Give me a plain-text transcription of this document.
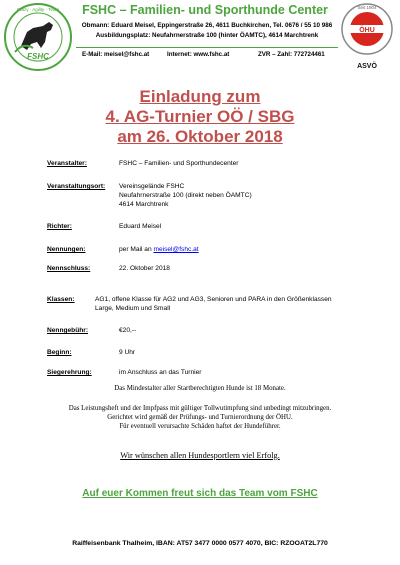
FSHC
Crazy · Agility · Team FSHC – Familien- und Sporthunde Center
Obmann: Eduard Meisel, Eppingerstraße 26, 4611 Buchkirchen, Tel. 0676 / 55 10 986
Ausbildungsplatz: Neufahrnerstraße 100 (hinter ÖAMTC), 4614 Marchtrenk
E-Mail: meisel@fshc.at	Internet: www.fshc.at	ZVR – Zahl: 772724461
ÖHU
Seit 1904
ASVÖ
Einladung zum
4. AG-Turnier OÖ / SBG
am 26. Oktober 2018
Veranstalter:	FSHC – Familien- und Sporthundecenter
Veranstaltungsort: Vereinsgelände FSHC
Neufahrnerstraße 100 (direkt neben ÖAMTC)
4614 Marchtrenk
Richter:	Eduard Meisel
Nennungen:	per Mail an meisel@fshc.at
Nennschluss:	22. Oktober 2018
Klassen:	AG1, offene Klasse für AG2 und AG3, Senioren und PARA in den Größenklassen
Large, Medium und Small
Nenngebühr:	€20,--
Beginn:	9 Uhr
Siegerehrung:	im Anschluss an das Turnier
Das Mindestalter aller Startberechtigten Hunde ist 18 Monate.
Das Leistungsheft und der Impfpass mit gültiger Tollwutimpfung sind unbedingt mitzubringen.
Gerichtet wird gemäß der Prüfungs- und Turnierordnung der ÖHU.
Für eventuell verursachte Schäden haftet der Hundeführer.
Wir wünschen allen Hundesportlern viel Erfolg.
Auf euer Kommen freut sich das Team vom FSHC
Raiffeisenbank Thalheim, IBAN: AT57 3477 0000 0577 4070, BIC: RZOOAT2L770
